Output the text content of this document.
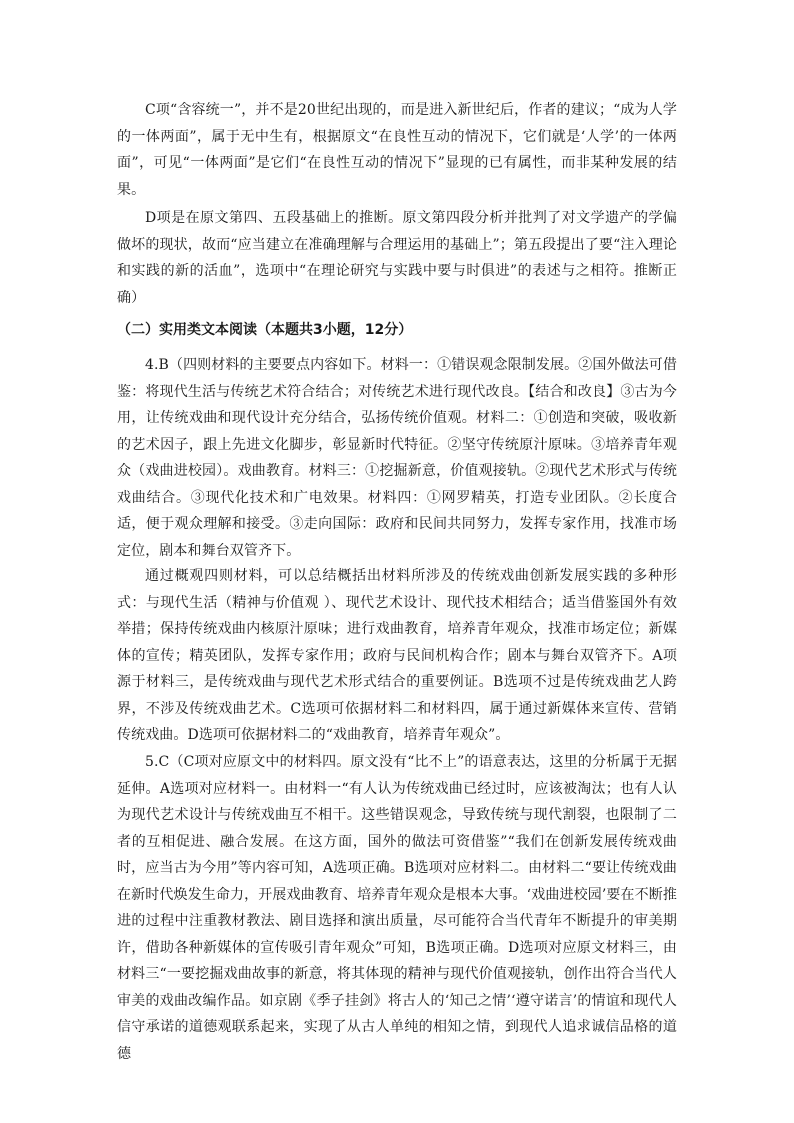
C项“含容统一”，并不是20世纪出现的，而是进入新世纪后，作者的建议；“成为人学的一体两面”，属于无中生有，根据原文“在良性互动的情况下，它们就是‘人学’的一体两面”，可见“一体两面”是它们“在良性互动的情况下”显现的已有属性，而非某种发展的结果。

D项是在原文第四、五段基础上的推断。原文第四段分析并批判了对文学遗产的学偏做坏的现状，故而“应当建立在准确理解与合理运用的基础上”；第五段提出了要“注入理论和实践的新的活血”，选项中“在理论研究与实践中要与时俱进”的表述与之相符。推断正确）

（二）实用类文本阅读（本题共3小题，12分）

4.B（四则材料的主要要点内容如下。材料一：①错误观念限制发展。②国外做法可借鉴：将现代生活与传统艺术符合结合；对传统艺术进行现代改良。【结合和改良】③古为今用，让传统戏曲和现代设计充分结合，弘扬传统价值观。材料二：①创造和突破，吸收新的艺术因子，跟上先进文化脚步，彰显新时代特征。②坚守传统原汁原味。③培养青年观众（戏曲进校园）。戏曲教育。材料三：①挖掘新意，价值观接轨。②现代艺术形式与传统戏曲结合。③现代化技术和广电效果。材料四：①网罗精英，打造专业团队。②长度合适，便于观众理解和接受。③走向国际：政府和民间共同努力，发挥专家作用，找准市场定位，剧本和舞台双管齐下。

通过概观四则材料，可以总结概括出材料所涉及的传统戏曲创新发展实践的多种形式：与现代生活（精神与价值观 ）、现代艺术设计、现代技术相结合；适当借鉴国外有效举措；保持传统戏曲内核原汁原味；进行戏曲教育，培养青年观众，找准市场定位；新媒体的宣传；精英团队，发挥专家作用；政府与民间机构合作；剧本与舞台双管齐下。A项源于材料三，是传统戏曲与现代艺术形式结合的重要例证。B选项不过是传统戏曲艺人跨界，不涉及传统戏曲艺术。C选项可依据材料二和材料四，属于通过新媒体来宣传、营销传统戏曲。D选项可依据材料二的“戏曲教育，培养青年观众”。

5.C（C项对应原文中的材料四。原文没有“比不上”的语意表达，这里的分析属于无据延伸。A选项对应材料一。由材料一“有人认为传统戏曲已经过时，应该被淘汰；也有人认为现代艺术设计与传统戏曲互不相干。这些错误观念，导致传统与现代割裂，也限制了二者的互相促进、融合发展。在这方面，国外的做法可资借鉴”“我们在创新发展传统戏曲时，应当古为今用”等内容可知，A选项正确。B选项对应材料二。由材料二“要让传统戏曲在新时代焕发生命力，开展戏曲教育、培养青年观众是根本大事。‘戏曲进校园’要在不断推进的过程中注重教材教法、剧目选择和演出质量，尽可能符合当代青年不断提升的审美期许，借助各种新媒体的宣传吸引青年观众”可知，B选项正确。D选项对应原文材料三，由材料三“一要挖掘戏曲故事的新意，将其体现的精神与现代价值观接轨，创作出符合当代人审美的戏曲改编作品。如京剧《季子挂剑》将古人的‘知己之情’‘遵守诺言’的情谊和现代人信守承诺的道德观联系起来，实现了从古人单纯的相知之情，到现代人追求诚信品格的道德
